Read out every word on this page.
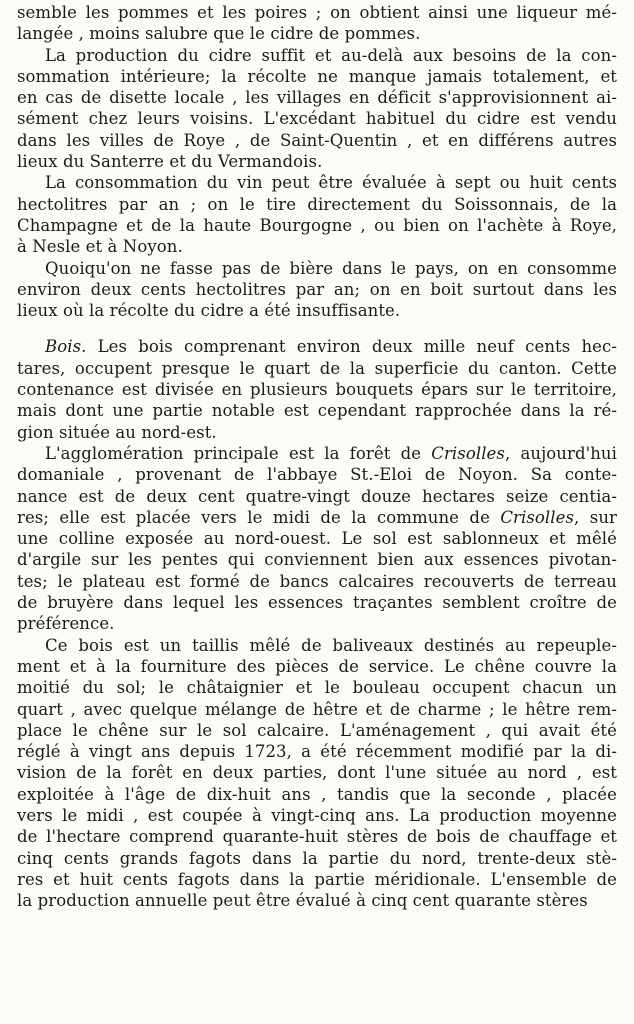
semble les pommes et les poires ; on obtient ainsi une liqueur mé-
langée , moins salubre que le cidre de pommes.
La production du cidre suffit et au-delà aux besoins de la con-
sommation intérieure; la récolte ne manque jamais totalement, et
en cas de disette locale , les villages en déficit s'approvisionnent ai-
sément chez leurs voisins. L'excédant habituel du cidre est vendu
dans les villes de Roye , de Saint-Quentin , et en différens autres
lieux du Santerre et du Vermandois.
La consommation du vin peut être évaluée à sept ou huit cents
hectolitres par an ; on le tire directement du Soissonnais, de la
Champagne et de la haute Bourgogne , ou bien on l'achète à Roye,
à Nesle et à Noyon.
Quoiqu'on ne fasse pas de bière dans le pays, on en consomme
environ deux cents hectolitres par an; on en boit surtout dans les
lieux où la récolte du cidre a été insuffisante.
Bois. Les bois comprenant environ deux mille neuf cents hec-
tares, occupent presque le quart de la superficie du canton. Cette
contenance est divisée en plusieurs bouquets épars sur le territoire,
mais dont une partie notable est cependant rapprochée dans la ré-
gion située au nord-est.
L'agglomération principale est la forêt de Crisolles, aujourd'hui
domaniale , provenant de l'abbaye St.-Eloi de Noyon. Sa conte-
nance est de deux cent quatre-vingt douze hectares seize centia-
res; elle est placée vers le midi de la commune de Crisolles, sur
une colline exposée au nord-ouest. Le sol est sablonneux et mêlé
d'argile sur les pentes qui conviennent bien aux essences pivotan-
tes; le plateau est formé de bancs calcaires recouverts de terreau
de bruyère dans lequel les essences traçantes semblent croître de
préférence.
Ce bois est un taillis mêlé de baliveaux destinés au repeuple-
ment et à la fourniture des pièces de service. Le chêne couvre la
moitié du sol; le châtaignier et le bouleau occupent chacun un
quart , avec quelque mélange de hêtre et de charme ; le hêtre rem-
place le chêne sur le sol calcaire. L'aménagement , qui avait été
réglé à vingt ans depuis 1723, a été récemment modifié par la di-
vision de la forêt en deux parties, dont l'une située au nord , est
exploitée à l'âge de dix-huit ans , tandis que la seconde , placée
vers le midi , est coupée à vingt-cinq ans. La production moyenne
de l'hectare comprend quarante-huit stères de bois de chauffage et
cinq cents grands fagots dans la partie du nord, trente-deux stè-
res et huit cents fagots dans la partie méridionale. L'ensemble de
la production annuelle peut être évalué à cinq cent quarante stères
